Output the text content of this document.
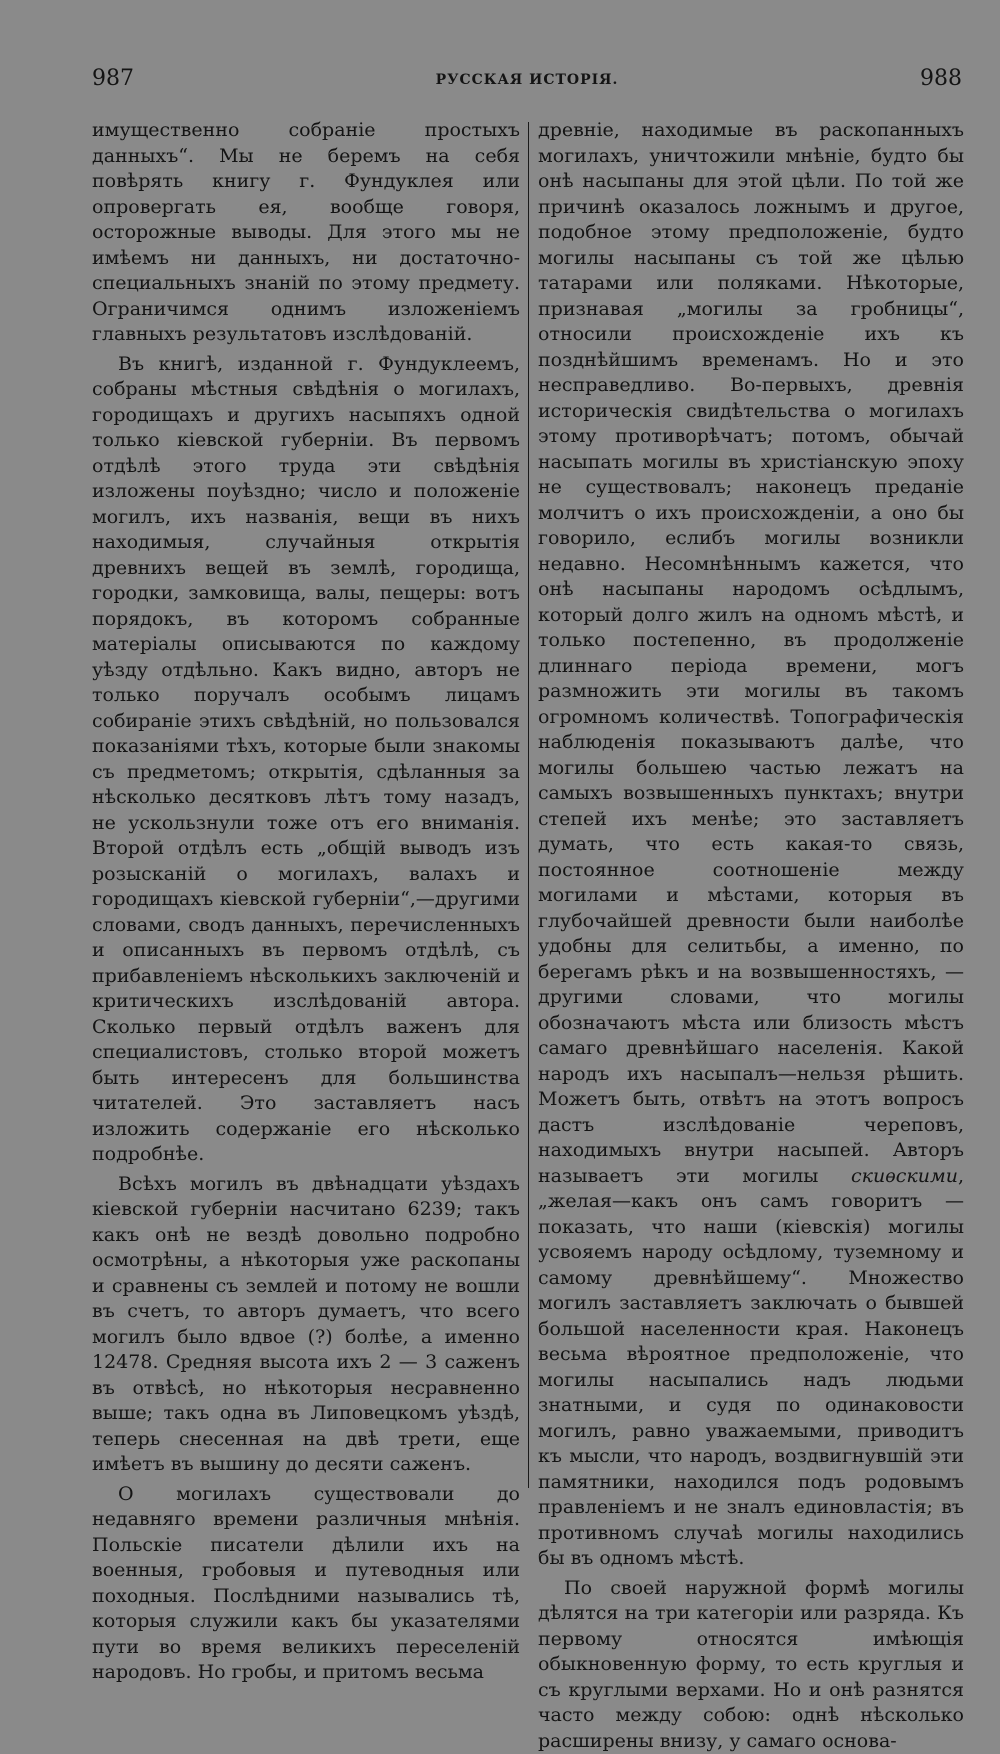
987	РУССКАЯ ИСТОРІЯ.	988

имущественно собраніе простыхъ данныхъ“. Мы не беремъ на себя повѣрять книгу г. Фундуклея или опровергать ея, вообще говоря, осторожные выводы. Для этого мы не имѣемъ ни данныхъ, ни достаточно-специальныхъ знаній по этому предмету. Ограничимся однимъ изложеніемъ главныхъ результатовъ изслѣдованій.

Въ книгѣ, изданной г. Фундуклеемъ, собраны мѣстныя свѣдѣнія о могилахъ, городищахъ и другихъ насыпяхъ одной только кіевской губерніи. Въ первомъ отдѣлѣ этого труда эти свѣдѣнія изложены поуѣздно; число и положеніе могилъ, ихъ названія, вещи въ нихъ находимыя, случайныя открытія древнихъ вещей въ землѣ, городища, городки, замковища, валы, пещеры: вотъ порядокъ, въ которомъ собранные матеріалы описываются по каждому уѣзду отдѣльно. Какъ видно, авторъ не только поручалъ особымъ лицамъ собираніе этихъ свѣдѣній, но пользовался показаніями тѣхъ, которые были знакомы съ предметомъ; открытія, сдѣланныя за нѣсколько десятковъ лѣтъ тому назадъ, не ускользнули тоже отъ его вниманія. Второй отдѣлъ есть „общій выводъ изъ розысканій о могилахъ, валахъ и городищахъ кіевской губерніи“,—другими словами, сводъ данныхъ, перечисленныхъ и описанныхъ въ первомъ отдѣлѣ, съ прибавленіемъ нѣсколькихъ заключеній и критическихъ изслѣдованій автора. Сколько первый отдѣлъ важенъ для специалистовъ, столько второй можетъ быть интересенъ для большинства читателей. Это заставляетъ насъ изложить содержаніе его нѣсколько подробнѣе.

Всѣхъ могилъ въ двѣнадцати уѣздахъ кіевской губерніи насчитано 6239; такъ какъ онѣ не вездѣ довольно подробно осмотрѣны, а нѣкоторыя уже раскопаны и сравнены съ землей и потому не вошли въ счетъ, то авторъ думаетъ, что всего могилъ было вдвое (?) болѣе, а именно 12478. Средняя высота ихъ 2 — 3 саженъ въ отвѣсѣ, но нѣкоторыя несравненно выше; такъ одна въ Липовецкомъ уѣздѣ, теперь снесенная на двѣ трети, еще имѣетъ въ вышину до десяти саженъ.

О могилахъ существовали до недавняго времени различныя мнѣнія. Польскіе писатели дѣлили ихъ на военныя, гробовыя и путеводныя или походныя. Послѣдними назывались тѣ, которыя служили какъ бы указателями пути во время великихъ переселеній народовъ. Но гробы, и притомъ весьма

древніе, находимые въ раскопанныхъ могилахъ, уничтожили мнѣніе, будто бы онѣ насыпаны для этой цѣли. По той же причинѣ оказалось ложнымъ и другое, подобное этому предположеніе, будто могилы насыпаны съ той же цѣлью татарами или поляками. Нѣкоторые, признавая „могилы за гробницы“, относили происхожденіе ихъ къ позднѣйшимъ временамъ. Но и это несправедливо. Во-первыхъ, древнія историческія свидѣтельства о могилахъ этому противорѣчатъ; потомъ, обычай насыпать могилы въ христіанскую эпоху не существовалъ; наконецъ преданіе молчитъ о ихъ происхожденіи, а оно бы говорило, еслибъ могилы возникли недавно. Несомнѣннымъ кажется, что онѣ насыпаны народомъ осѣдлымъ, который долго жилъ на одномъ мѣстѣ, и только постепенно, въ продолженіе длиннаго періода времени, могъ размножить эти могилы въ такомъ огромномъ количествѣ. Топографическія наблюденія показываютъ далѣе, что могилы большею частью лежатъ на самыхъ возвышенныхъ пунктахъ; внутри степей ихъ менѣе; это заставляетъ думать, что есть какая-то связь, постоянное соотношеніе между могилами и мѣстами, которыя въ глубочайшей древности были наиболѣе удобны для селитьбы, а именно, по берегамъ рѣкъ и на возвышенностяхъ, — другими словами, что могилы обозначаютъ мѣста или близость мѣстъ самаго древнѣйшаго населенія. Какой народъ ихъ насыпалъ—нельзя рѣшить. Можетъ быть, отвѣтъ на этотъ вопросъ дастъ изслѣдованіе череповъ, находимыхъ внутри насыпей. Авторъ называетъ эти могилы скиѳскими, „желая—какъ онъ самъ говоритъ — показать, что наши (кіевскія) могилы усвояемъ народу осѣдлому, туземному и самому древнѣйшему“. Множество могилъ заставляетъ заключать о бывшей большой населенности края. Наконецъ весьма вѣроятное предположеніе, что могилы насыпались надъ людьми знатными, и судя по одинаковости могилъ, равно уважаемыми, приводитъ къ мысли, что народъ, воздвигнувшій эти памятники, находился подъ родовымъ правленіемъ и не зналъ единовластія; въ противномъ случаѣ могилы находились бы въ одномъ мѣстѣ.

По своей наружной формѣ могилы дѣлятся на три категоріи или разряда. Къ первому относятся имѣющія обыкновенную форму, то есть круглыя и съ круглыми верхами. Но и онѣ разнятся часто между собою: однѣ нѣсколько расширены внизу, у самаго основа-
